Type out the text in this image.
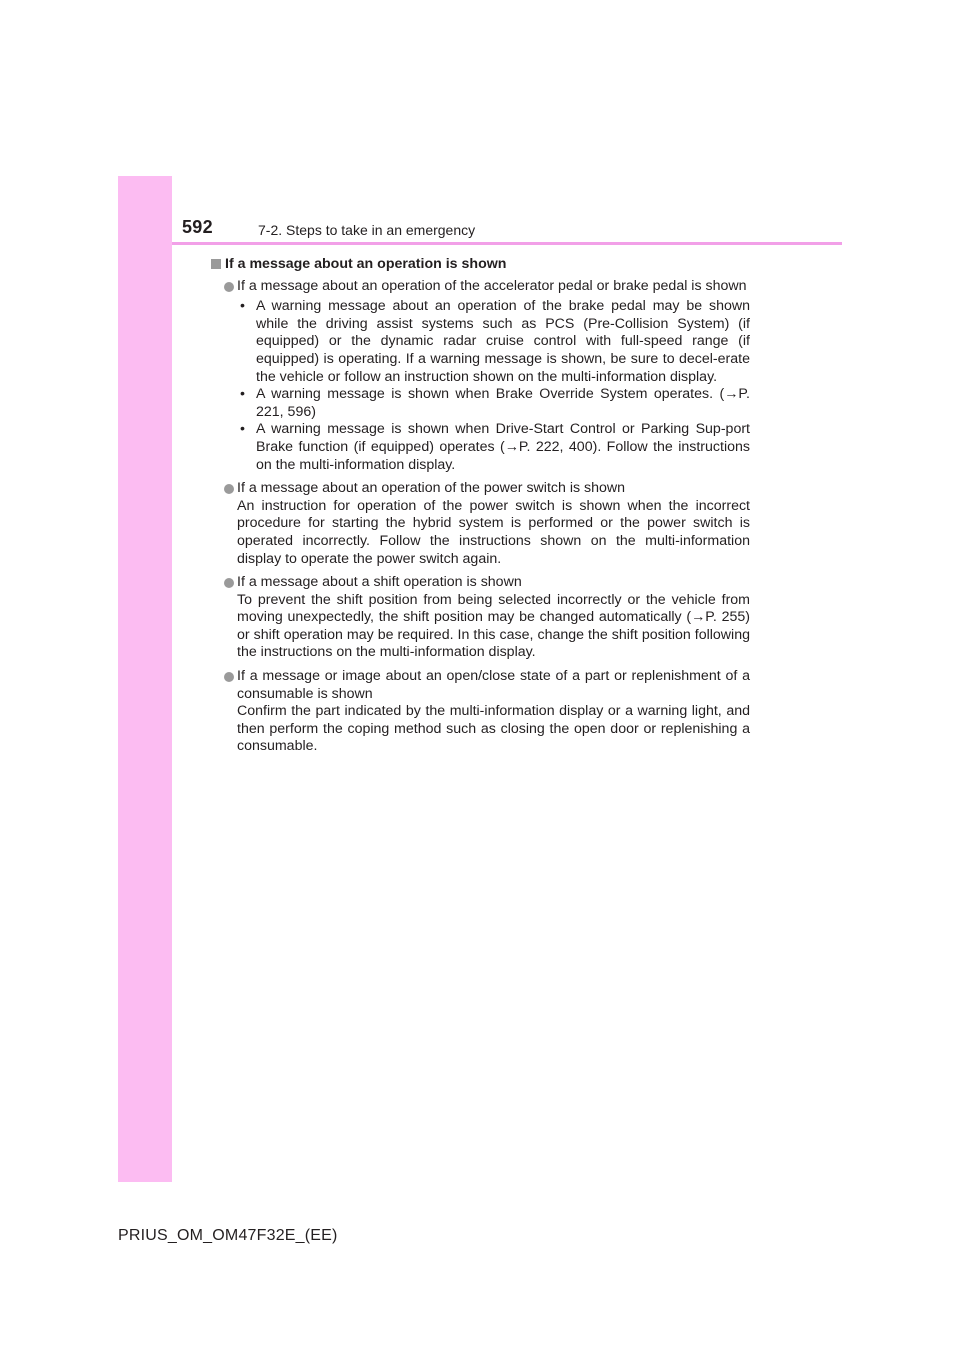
592	7-2. Steps to take in an emergency
If a message about an operation is shown

If a message about an operation of the accelerator pedal or brake pedal is shown

• A warning message about an operation of the brake pedal may be shown while the driving assist systems such as PCS (Pre-Collision System) (if equipped) or the dynamic radar cruise control with full-speed range (if equipped) is operating. If a warning message is shown, be sure to decel-erate the vehicle or follow an instruction shown on the multi-information display.
• A warning message is shown when Brake Override System operates. (→P. 221, 596)
• A warning message is shown when Drive-Start Control or Parking Sup-port Brake function (if equipped) operates (→P. 222, 400). Follow the instructions on the multi-information display.

If a message about an operation of the power switch is shown

An instruction for operation of the power switch is shown when the incorrect procedure for starting the hybrid system is performed or the power switch is operated incorrectly. Follow the instructions shown on the multi-information display to operate the power switch again.

If a message about a shift operation is shown

To prevent the shift position from being selected incorrectly or the vehicle from moving unexpectedly, the shift position may be changed automatically (→P. 255) or shift operation may be required. In this case, change the shift position following the instructions on the multi-information display.

If a message or image about an open/close state of a part or replenishment of a consumable is shown

Confirm the part indicated by the multi-information display or a warning light, and then perform the coping method such as closing the open door or replenishing a consumable.

PRIUS_OM_OM47F32E_(EE)
